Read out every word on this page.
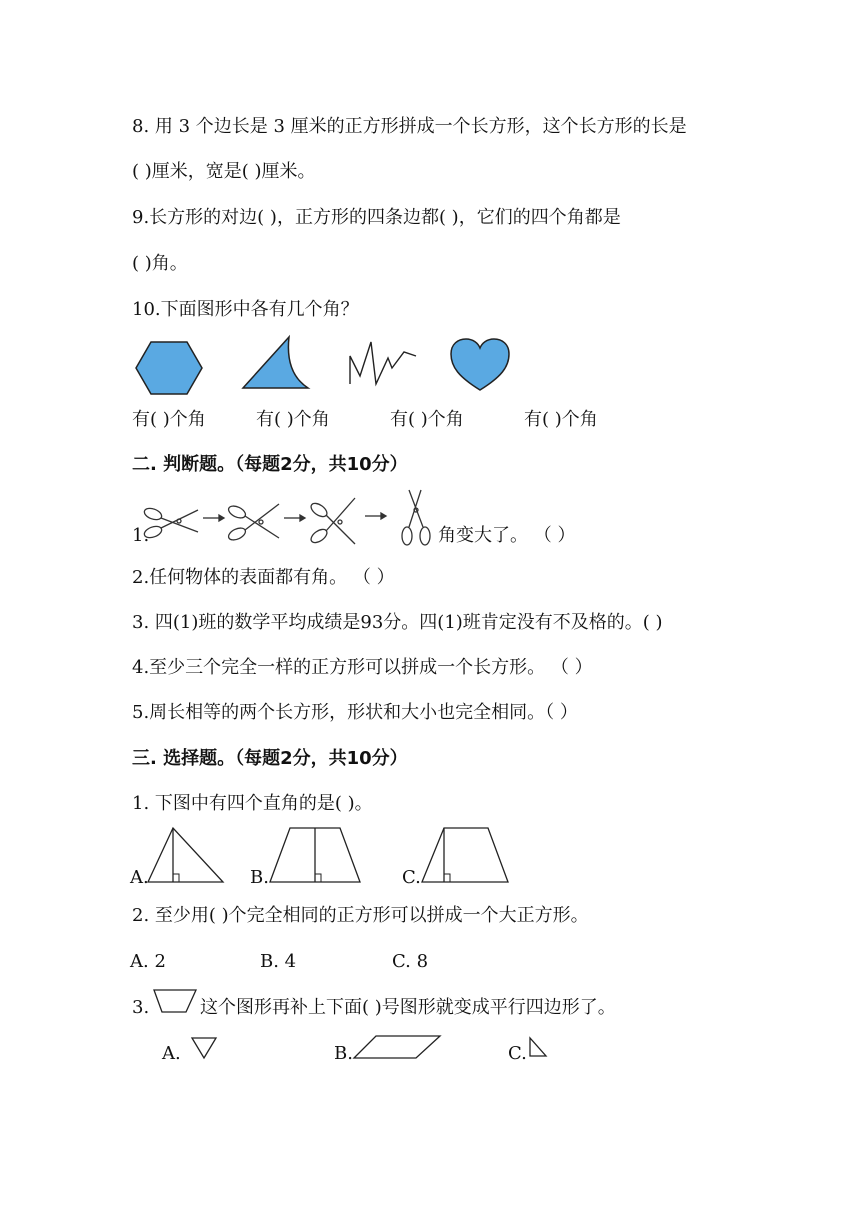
8. 用 3 个边长是 3 厘米的正方形拼成一个长方形，这个长方形的长是
( )厘米，宽是( )厘米。
9.长方形的对边( )，正方形的四条边都( )，它们的四个角都是
( )角。
10.下面图形中各有几个角？
有( )个角	有( )个角	有( )个角	有( )个角
二. 判断题。（每题2分，共10分）
1.	角变大了。 （ ）
2.任何物体的表面都有角。 （ ）
3. 四(1)班的数学平均成绩是93分。四(1)班肯定没有不及格的。( )
4.至少三个完全一样的正方形可以拼成一个长方形。 （ ）
5.周长相等的两个长方形，形状和大小也完全相同。（ ）
三. 选择题。（每题2分，共10分）
1. 下图中有四个直角的是( )。
A.	B.	C.
2. 至少用( )个完全相同的正方形可以拼成一个大正方形。
A. 2	B. 4	C. 8
3.	这个图形再补上下面( )号图形就变成平行四边形了。
A.	B.	C.
